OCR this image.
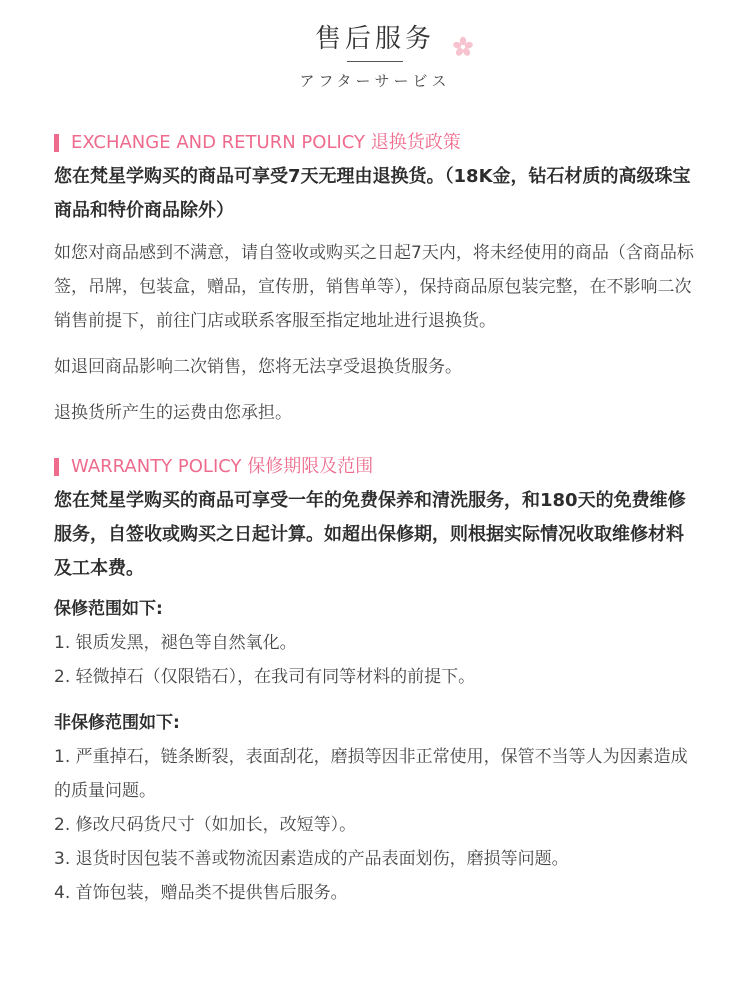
售后服务
アフターサービス
EXCHANGE AND RETURN POLICY 退换货政策
您在梵星学购买的商品可享受7天无理由退换货。（18K金，钻石材质的高级珠宝商品和特价商品除外）
如您对商品感到不满意，请自签收或购买之日起7天内，将未经使用的商品（含商品标签，吊牌，包装盒，赠品，宣传册，销售单等），保持商品原包装完整，在不影响二次销售前提下，前往门店或联系客服至指定地址进行退换货。
如退回商品影响二次销售，您将无法享受退换货服务。
退换货所产生的运费由您承担。
WARRANTY POLICY 保修期限及范围
您在梵星学购买的商品可享受一年的免费保养和清洗服务，和180天的免费维修服务，自签收或购买之日起计算。如超出保修期，则根据实际情况收取维修材料及工本费。
保修范围如下:
1. 银质发黑，褪色等自然氧化。
2. 轻微掉石（仅限锆石），在我司有同等材料的前提下。
非保修范围如下:
1. 严重掉石，链条断裂，表面刮花，磨损等因非正常使用，保管不当等人为因素造成的质量问题。
2. 修改尺码货尺寸（如加长，改短等）。
3. 退货时因包装不善或物流因素造成的产品表面划伤，磨损等问题。
4. 首饰包装，赠品类不提供售后服务。
